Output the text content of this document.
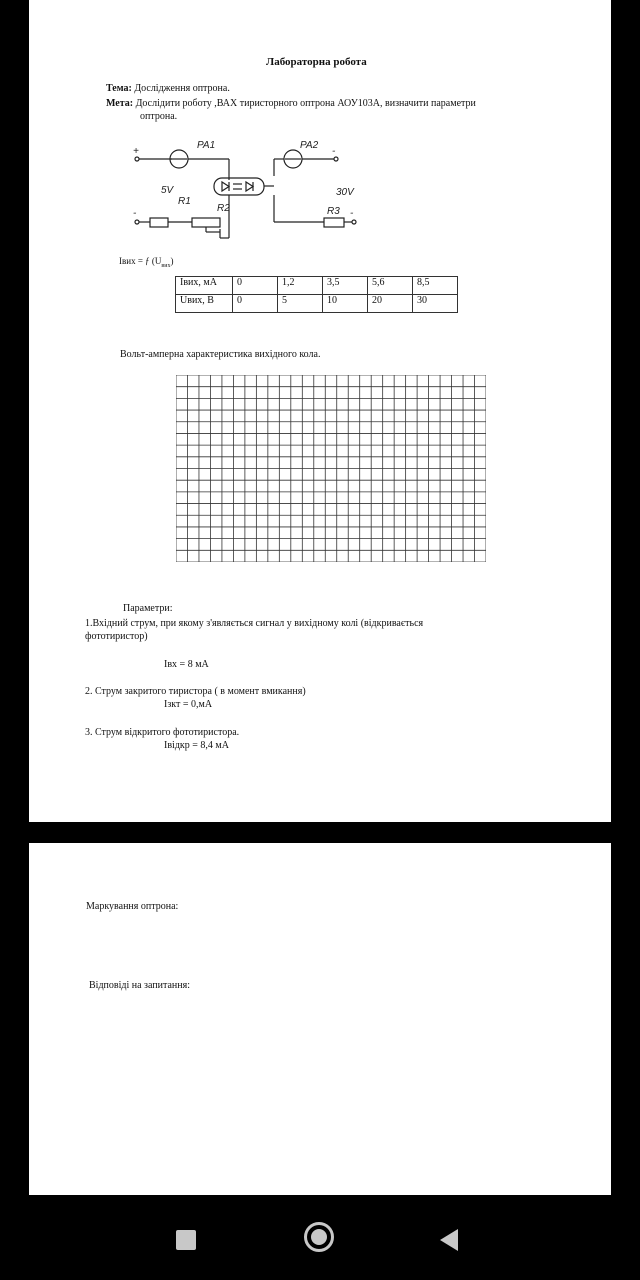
Лабораторна робота
Тема: Дослідження оптрона.
Мета: Дослідити роботу ,ВАХ тиристорного оптрона АОУ103А, визначити параметри
оптрона.
PA1	PA2
5V
R1
R2	R3
30V
+
-
-
-
Iвих = ƒ $(U_{вих})$
Iвих, мА	0	1,2	3,5	5,6	8,5
Uвих, В	0	5	10	20	30
Вольт-амперна характеристика вихідного кола.
Параметри:
1.Вхідний струм, при якому з'являється сигнал у вихідному колі (відкривається
фототиристор)
Iвх = 8 мА
2. Струм закритого тиристора ( в момент вмикання)
Iзкт = 0,мА
3. Струм відкритого фототиристора.
Iвідкр = 8,4 мА
Маркування оптрона:
Відповіді на запитання:
